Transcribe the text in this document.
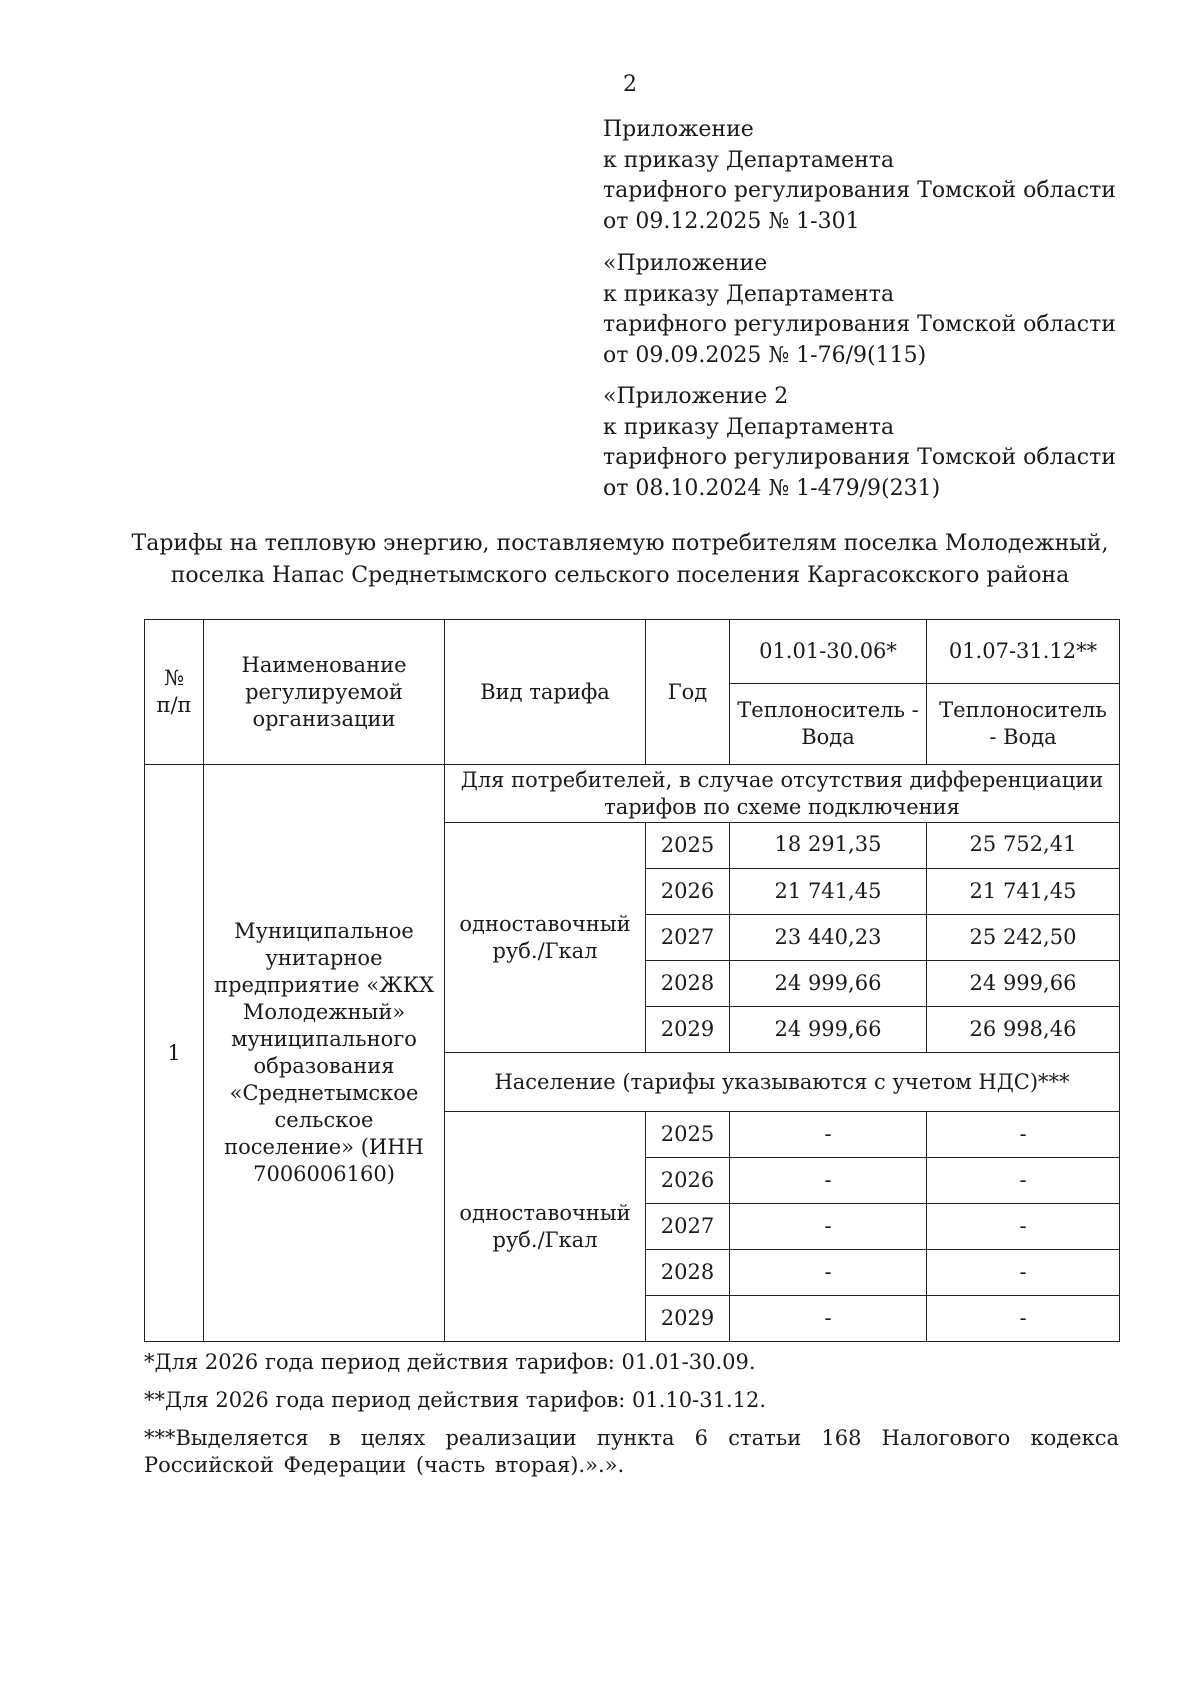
2
Приложение
к приказу Департамента
тарифного регулирования Томской области
от 09.12.2025 № 1-301
«Приложение
к приказу Департамента
тарифного регулирования Томской области
от 09.09.2025 № 1-76/9(115)
«Приложение 2
к приказу Департамента
тарифного регулирования Томской области
от 08.10.2024 № 1-479/9(231)
Тарифы на тепловую энергию, поставляемую потребителям поселка Молодежный,
поселка Напас Среднетымского сельского поселения Каргасокского района
№ п/п	Наименование регулируемой организации	Вид тарифа	Год	01.01-30.06*	01.07-31.12**
				Теплоноситель - Вода	Теплоноситель - Вода
1	Муниципальное унитарное предприятие «ЖКХ Молодежный» муниципального образования «Среднетымское сельское поселение» (ИНН 7006006160)	Для потребителей, в случае отсутствия дифференциации тарифов по схеме подключения			
		одноставочный руб./Гкал	2025	18 291,35	25 752,41
			2026	21 741,45	21 741,45
			2027	23 440,23	25 242,50
			2028	24 999,66	24 999,66
			2029	24 999,66	26 998,46
		Население (тарифы указываются с учетом НДС)***			
		одноставочный руб./Гкал	2025	-	-
			2026	-	-
			2027	-	-
			2028	-	-
			2029	-	-

*Для 2026 года период действия тарифов: 01.01-30.09.

**Для 2026 года период действия тарифов: 01.10-31.12.

***Выделяется в целях реализации пункта 6 статьи 168 Налогового кодекса Российской Федерации (часть вторая).».».
